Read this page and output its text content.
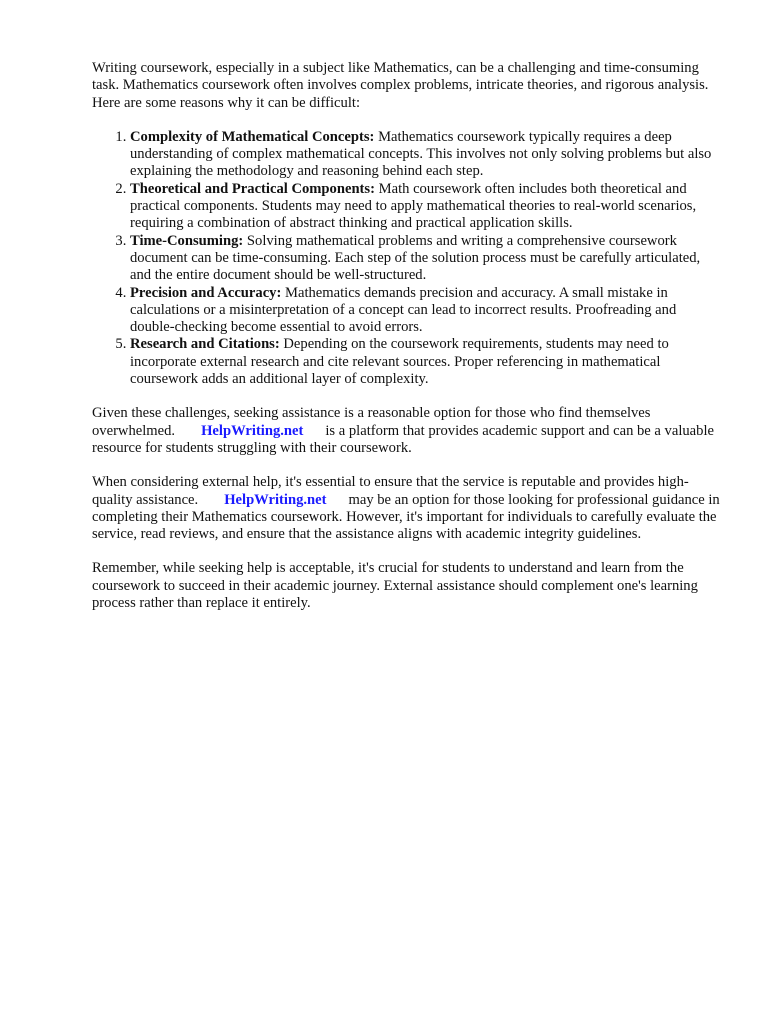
Writing coursework, especially in a subject like Mathematics, can be a challenging and time-consuming task. Mathematics coursework often involves complex problems, intricate theories, and rigorous analysis. Here are some reasons why it can be difficult:

1. Complexity of Mathematical Concepts: Mathematics coursework typically requires a deep understanding of complex mathematical concepts. This involves not only solving problems but also explaining the methodology and reasoning behind each step.
2. Theoretical and Practical Components: Math coursework often includes both theoretical and practical components. Students may need to apply mathematical theories to real-world scenarios, requiring a combination of abstract thinking and practical application skills.
3. Time-Consuming: Solving mathematical problems and writing a comprehensive coursework document can be time-consuming. Each step of the solution process must be carefully articulated, and the entire document should be well-structured.
4. Precision and Accuracy: Mathematics demands precision and accuracy. A small mistake in calculations or a misinterpretation of a concept can lead to incorrect results. Proofreading and double-checking become essential to avoid errors.
5. Research and Citations: Depending on the coursework requirements, students may need to incorporate external research and cite relevant sources. Proper referencing in mathematical coursework adds an additional layer of complexity.

Given these challenges, seeking assistance is a reasonable option for those who find themselves overwhelmed. HelpWriting.net is a platform that provides academic support and can be a valuable resource for students struggling with their coursework.

When considering external help, it's essential to ensure that the service is reputable and provides high-quality assistance. HelpWriting.net may be an option for those looking for professional guidance in completing their Mathematics coursework. However, it's important for individuals to carefully evaluate the service, read reviews, and ensure that the assistance aligns with academic integrity guidelines.

Remember, while seeking help is acceptable, it's crucial for students to understand and learn from the coursework to succeed in their academic journey. External assistance should complement one's learning process rather than replace it entirely.
